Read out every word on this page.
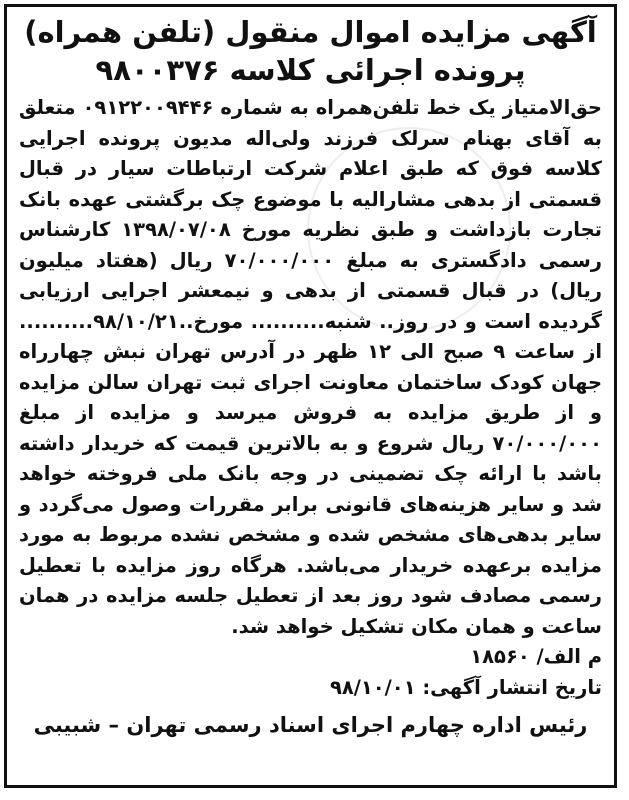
آگهی مزایده اموال منقول (تلفن همراه)

پرونده اجرائی کلاسه ۹۸۰۰۳۷۶

حق‌الامتیاز یک خط تلفن‌همراه به شماره ۰۹۱۲۲۰۰۹۴۴۶ متعلق به آقای بهنام سرلک فرزند ولی‌اله مدیون پرونده اجرایی کلاسه فوق که طبق اعلام شرکت ارتباطات سیار در قبال قسمتی از بدهی مشارالیه با موضوع چک برگشتی عهده بانک تجارت بازداشت و طبق نظریه مورخ ۱۳۹۸/۰۷/۰۸ کارشناس رسمی دادگستری به مبلغ ۷۰/۰۰۰/۰۰۰ ریال (هفتاد میلیون ریال) در قبال قسمتی از بدهی و نیمعشر اجرایی ارزیابی گردیده است و در روز.. شنبه.......... مورخ..۹۸/۱۰/۲۱.......... از ساعت ۹ صبح الی ۱۲ ظهر در آدرس تهران نبش چهارراه جهان کودک ساختمان معاونت اجرای ثبت تهران سالن مزایده و از طریق مزایده به فروش میرسد و مزایده از مبلغ ۷۰/۰۰۰/۰۰۰ ریال شروع و به بالاترین قیمت که خریدار داشته باشد با ارائه چک تضمینی در وجه بانک ملی فروخته خواهد شد و سایر هزینه‌های قانونی برابر مقررات وصول می‌گردد و سایر بدهی‌های مشخص شده و مشخص نشده مربوط به مورد مزایده برعهده خریدار می‌باشد. هرگاه روز مزایده با تعطیل رسمی مصادف شود روز بعد از تعطیل جلسه مزایده در همان ساعت و همان مکان تشکیل خواهد شد.

م الف/ ۱۸۵۶۰

تاریخ انتشار آگهی: ۹۸/۱۰/۰۱

رئیس اداره چهارم اجرای اسناد رسمی تهران – شبیبی
